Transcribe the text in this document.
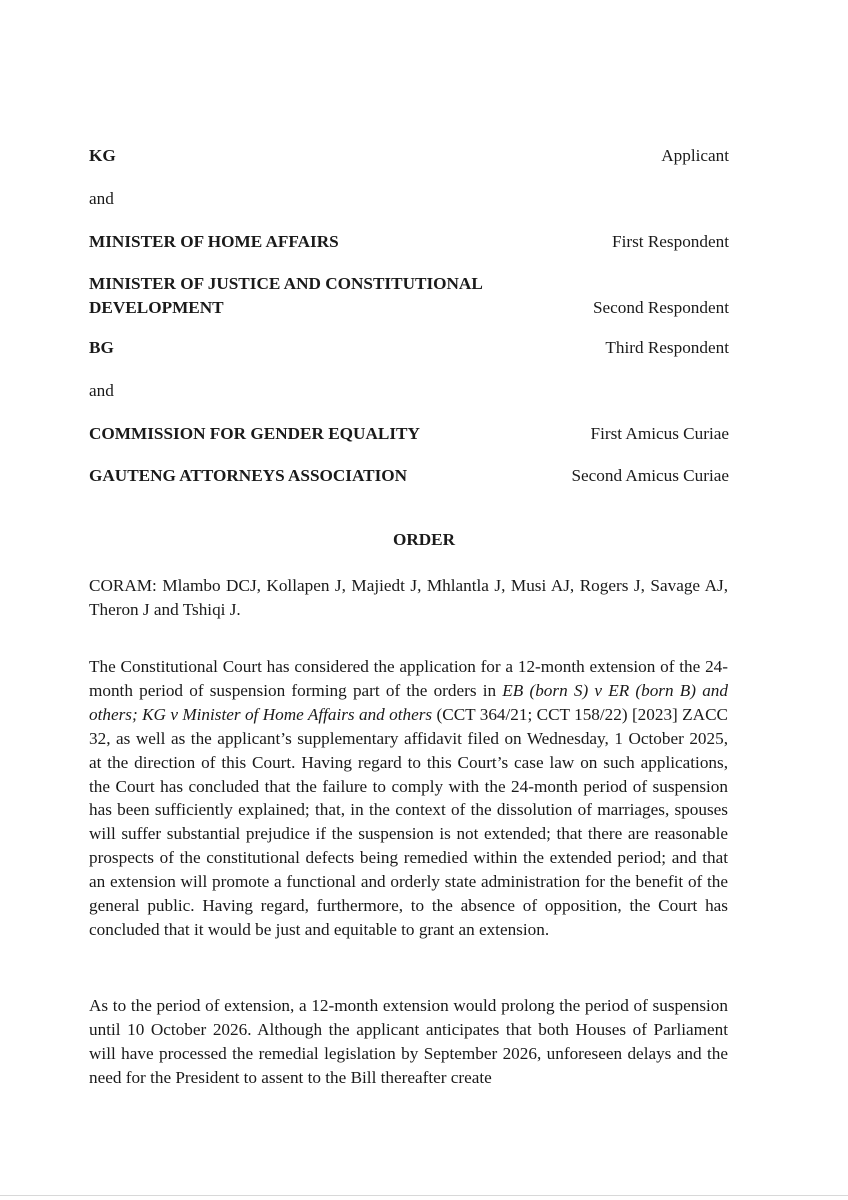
KG	Applicant
and
MINISTER OF HOME AFFAIRS	First Respondent
MINISTER OF JUSTICE AND CONSTITUTIONAL
DEVELOPMENT	Second Respondent
BG	Third Respondent
and
COMMISSION FOR GENDER EQUALITY	First Amicus Curiae
GAUTENG ATTORNEYS ASSOCIATION	Second Amicus Curiae
ORDER

CORAM: Mlambo DCJ, Kollapen J, Majiedt J, Mhlantla J, Musi AJ, Rogers J, Savage AJ, Theron J and Tshiqi J.

The Constitutional Court has considered the application for a 12-month extension of the 24-month period of suspension forming part of the orders in EB (born S) v ER (born B) and others; KG v Minister of Home Affairs and others (CCT 364/21; CCT 158/22) [2023] ZACC 32, as well as the applicant’s supplementary affidavit filed on Wednesday, 1 October 2025, at the direction of this Court. Having regard to this Court’s case law on such applications, the Court has concluded that the failure to comply with the 24-month period of suspension has been sufficiently explained; that, in the context of the dissolution of marriages, spouses will suffer substantial prejudice if the suspension is not extended; that there are reasonable prospects of the constitutional defects being remedied within the extended period; and that an extension will promote a functional and orderly state administration for the benefit of the general public. Having regard, furthermore, to the absence of opposition, the Court has concluded that it would be just and equitable to grant an extension.

As to the period of extension, a 12-month extension would prolong the period of suspension until 10 October 2026. Although the applicant anticipates that both Houses of Parliament will have processed the remedial legislation by September 2026, unforeseen delays and the need for the President to assent to the Bill thereafter create
